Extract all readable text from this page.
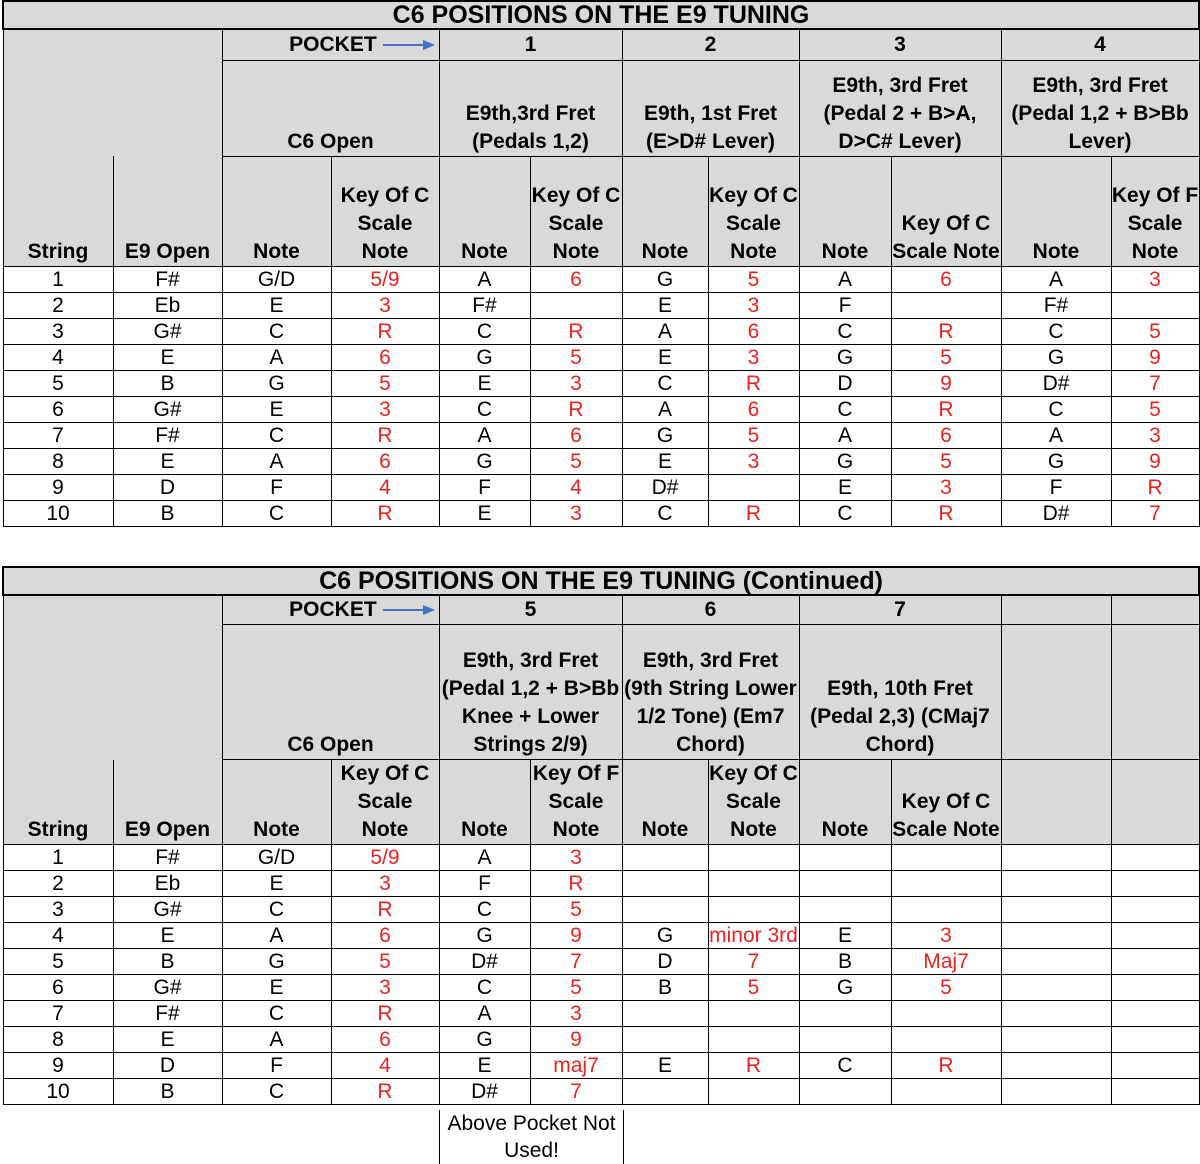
C6 POSITIONS ON THE E9 TUNING											
		POCKET		1		2		3		4	
		C6 Open		E9th,3rd Fret (Pedals 1,2)		E9th, 1st Fret (E>D# Lever)		E9th, 3rd Fret (Pedal 2 + B>A, D>C# Lever)		E9th, 3rd Fret (Pedal 1,2 + B>Bb Lever)	
String	E9 Open	Note	Key Of C Scale Note	Note	Key Of C Scale Note	Note	Key Of C Scale Note	Note	Key Of C Scale Note	Note	Key Of F Scale Note
1	F#	G/D	5/9	A	6	G	5	A	6	A	3
2	Eb	E	3	F#		E	3	F		F#	
3	G#	C	R	C	R	A	6	C	R	C	5
4	E	A	6	G	5	E	3	G	5	G	9
5	B	G	5	E	3	C	R	D	9	D#	7
6	G#	E	3	C	R	A	6	C	R	C	5
7	F#	C	R	A	6	G	5	A	6	A	3
8	E	A	6	G	5	E	3	G	5	G	9
9	D	F	4	F	4	D#		E	3	F	R
10	B	C	R	E	3	C	R	C	R	D#	7
C6 POSITIONS ON THE E9 TUNING (Continued)											
		POCKET		5		6		7			
		C6 Open		E9th, 3rd Fret (Pedal 1,2 + B>Bb Knee + Lower Strings 2/9)		E9th, 3rd Fret (9th String Lower 1/2 Tone) (Em7 Chord)		E9th, 10th Fret (Pedal 2,3) (CMaj7 Chord)			
String	E9 Open	Note	Key Of C Scale Note	Note	Key Of F Scale Note	Note	Key Of C Scale Note	Note	Key Of C Scale Note		
1	F#	G/D	5/9	A	3						
2	Eb	E	3	F	R						
3	G#	C	R	C	5						
4	E	A	6	G	9	G	minor 3rd	E	3		
5	B	G	5	D#	7	D	7	B	Maj7		
6	G#	E	3	C	5	B	5	G	5		
7	F#	C	R	A	3						
8	E	A	6	G	9						
9	D	F	4	E	maj7	E	R	C	R		
10	B	C	R	D#	7						
Above Pocket Not Used!
